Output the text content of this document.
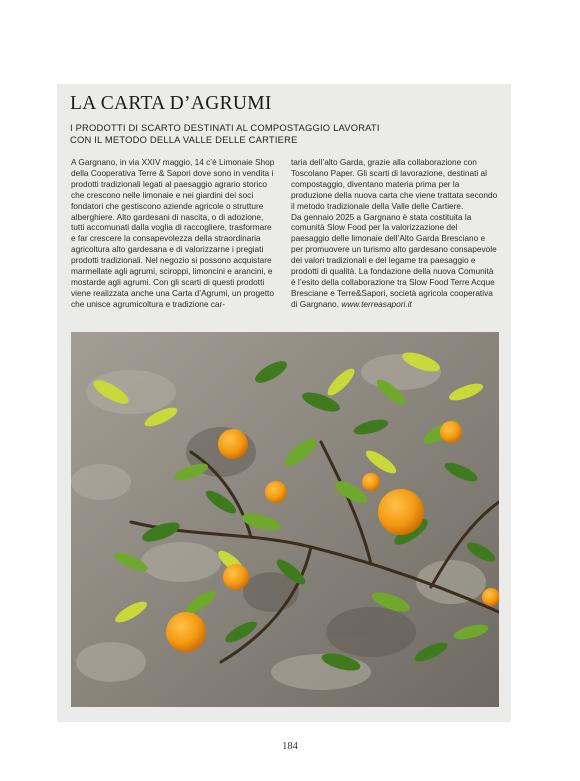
LA CARTA D’AGRUMI

I PRODOTTI DI SCARTO DESTINATI AL COMPOSTAGGIO LAVORATI CON IL METODO DELLA VALLE DELLE CARTIERE

A Gargnano, in via XXIV maggio, 14 c’è Limonaie Shop della Cooperativa Terre & Sapori dove sono in vendita i prodotti tradizionali legati al paesaggio agrario storico che crescono nelle limonaie e nei giardini dei soci fondatori che gestiscono aziende agricole o strutture alberghiere. Alto gardesani di nascita, o di adozione, tutti accomunati dalla voglia di raccogliere, trasformare e far crescere la consapevolezza della straordinaria agricoltura alto gardesana e di valorizzarne i pregiati prodotti tradizionali. Nel negozio si possono acquistare marmellate agli agrumi, sciroppi, limoncini e arancini, e mostarde agli agrumi. Con gli scarti di questi prodotti viene realizzata anche una Carta d’Agrumi, un progetto che unisce agrumicoltura e tradizione car-

taria dell’alto Garda, grazie alla collaborazione con Toscolano Paper. Gli scarti di lavorazione, destinati al compostaggio, diventano materia prima per la produzione della nuova carta che viene trattata secondo il metodo tradizionale della Valle delle Cartiere.

Da gennaio 2025 a Gargnano è stata costituita la comunità Slow Food per la valorizzazione del paesaggio delle limonaie dell’Alto Garda Bresciano e per promuovere un turismo alto gardesano consapevole dei valori tradizionali e del legame tra paesaggio e prodotti di qualità. La fondazione della nuova Comunità è l’esito della collaborazione tra Slow Food Terre Acque Bresciane e Terre&Sapori, società agricola cooperativa di Gargnano. www.terreasapori.it

184
